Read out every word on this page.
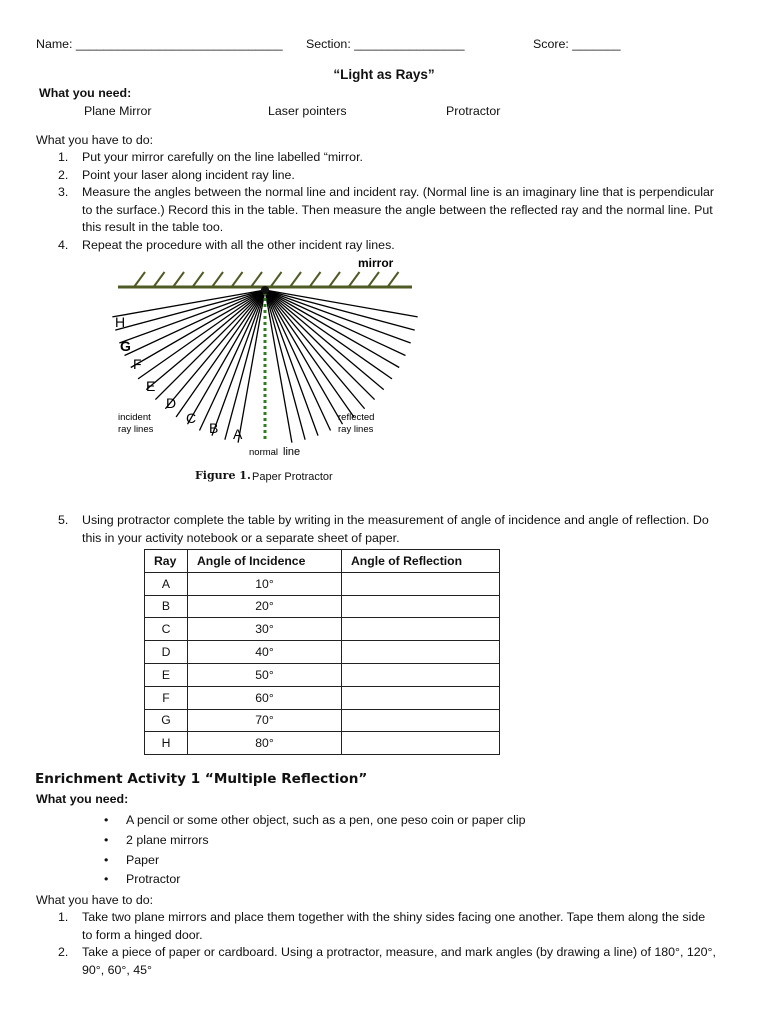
Name: ______________________________ Section: ________________	Score: _______
“Light as Rays”
What you need:
Plane Mirror	Laser pointers	Protractor
What you have to do:
1. Put your mirror carefully on the line labelled “mirror.
2. Point your laser along incident ray line.
3. Measure the angles between the normal line and incident ray. (Normal line is an imaginary line that is perpendicular
to the surface.) Record this in the table. Then measure the angle between the reflected ray and the normal line. Put
this result in the table too.
4. Repeat the procedure with all the other incident ray lines.
mirror
H
G
F
E
D
C
B A
incident
ray lines
reflected
ray lines
normal line
Figure 1. Paper Protractor
5. Using protractor complete the table by writing in the measurement of angle of incidence and angle of reflection. Do
this in your activity notebook or a separate sheet of paper.
Ray	Angle of Incidence	Angle of Reflection
A	10°	
B	20°	
C	30°	
D	40°	
E	50°	
F	60°	
G	70°	
H	80°	
Enrichment Activity 1 “Multiple Reflection”
What you need:
• A pencil or some other object, such as a pen, one peso coin or paper clip
• 2 plane mirrors
• Paper
• Protractor
What you have to do:
1. Take two plane mirrors and place them together with the shiny sides facing one another. Tape them along the side
to form a hinged door.
2. Take a piece of paper or cardboard. Using a protractor, measure, and mark angles (by drawing a line) of 180°, 120°,
90°, 60°, 45°
